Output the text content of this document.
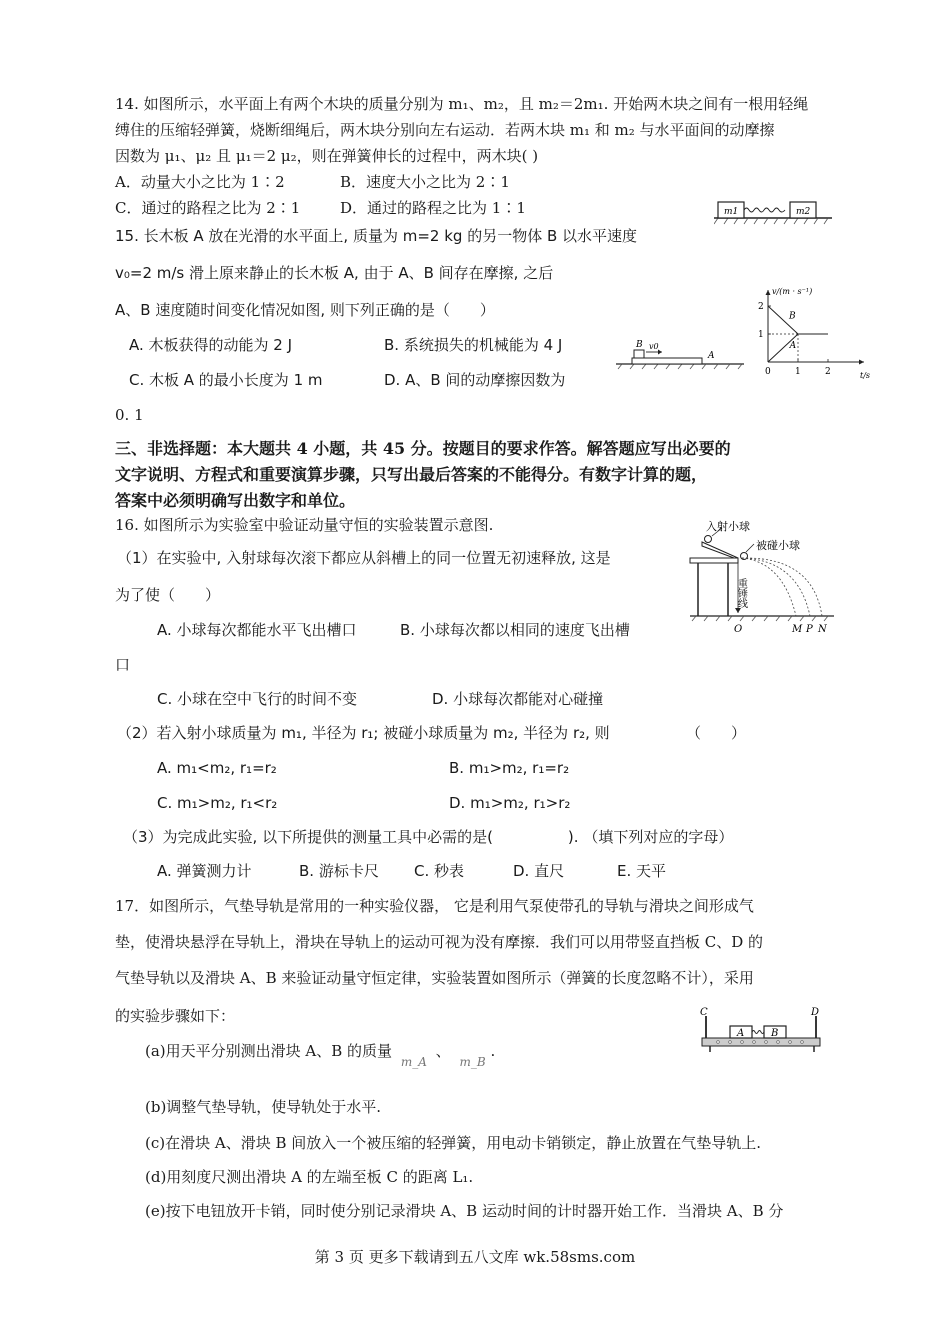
14. 如图所示，水平面上有两个木块的质量分别为 m₁、m₂，且 m₂＝2m₁. 开始两木块之间有一根用轻绳
缚住的压缩轻弹簧，烧断细绳后，两木块分别向左右运动．若两木块 m₁ 和 m₂ 与水平面间的动摩擦
因数为 μ₁、μ₂ 且 μ₁＝2 μ₂，则在弹簧伸长的过程中，两木块( )
A．动量大小之比为 1∶2	B．速度大小之比为 2∶1
C．通过的路程之比为 2∶1	D．通过的路程之比为 1∶1	m1	m2
15. 长木板 A 放在光滑的水平面上, 质量为 m=2 kg 的另一物体 B 以水平速度
v₀=2 m/s 滑上原来静止的长木板 A, 由于 A、B 间存在摩擦, 之后
A、B 速度随时间变化情况如图, 则下列正确的是（　　）
A. 木板获得的动能为 2 J	B. 系统损失的机械能为 4 J
C. 木板 A 的最小长度为 1 m	D. A、B 间的动摩擦因数为
0. 1
B v0
A
v/(m · s⁻¹)
t/s
0	1	2
1
2
B
A
三、非选择题：本大题共 4 小题，共 45 分。按题目的要求作答。解答题应写出必要的
文字说明、方程式和重要演算步骤，只写出最后答案的不能得分。有数字计算的题，
答案中必须明确写出数字和单位。
16. 如图所示为实验室中验证动量守恒的实验装置示意图.
（1）在实验中, 入射球每次滚下都应从斜槽上的同一位置无初速释放, 这是
为了使（　　）
A. 小球每次都能水平飞出槽口	B. 小球每次都以相同的速度飞出槽
口
C. 小球在空中飞行的时间不变	D. 小球每次都能对心碰撞
（2）若入射小球质量为 m₁, 半径为 r₁; 被碰小球质量为 m₂, 半径为 r₂, 则	（　　）
A. m₁<m₂, r₁=r₂	B. m₁>m₂, r₁=r₂
C. m₁>m₂, r₁<r₂	D. m₁>m₂, r₁>r₂
（3）为完成此实验, 以下所提供的测量工具中必需的是(　　　　　). （填下列对应的字母）
A. 弹簧测力计	B. 游标卡尺 C. 秒表	D. 直尺	E. 天平
入射小球
被碰小球
重锤线
O	M P N
17．如图所示，气垫导轨是常用的一种实验仪器， 它是利用气泵使带孔的导轨与滑块之间形成气
垫，使滑块悬浮在导轨上，滑块在导轨上的运动可视为没有摩擦．我们可以用带竖直挡板 C、D 的
气垫导轨以及滑块 A、B 来验证动量守恒定律，实验装置如图所示（弹簧的长度忽略不计），采用
的实验步骤如下：
(a)用天平分别测出滑块 A、B 的质量 $_{m\_A}$ 、 $_{m\_B}$ .
(b)调整气垫导轨，使导轨处于水平.
(c)在滑块 A、滑块 B 间放入一个被压缩的轻弹簧，用电动卡销锁定，静止放置在气垫导轨上.
(d)用刻度尺测出滑块 A 的左端至板 C 的距离 L₁.
(e)按下电钮放开卡销，同时使分别记录滑块 A、B 运动时间的计时器开始工作．当滑块 A、B 分
C	D
A	B
第 3 页 更多下载请到五八文库 wk.58sms.com
